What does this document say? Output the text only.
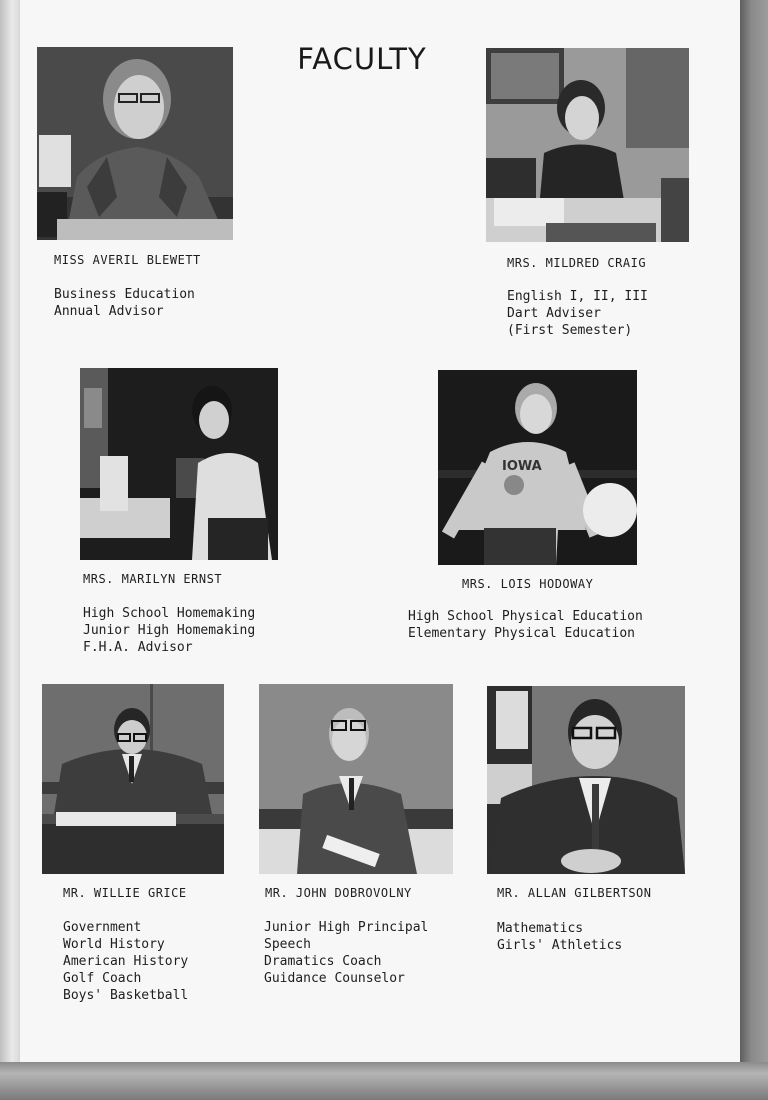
FACULTY
MISS AVERIL BLEWETT
Business Education
Annual Advisor
MRS. MILDRED CRAIG
English I, II, III
Dart Adviser
(First Semester)
MRS. MARILYN ERNST
High School Homemaking
Junior High Homemaking
F.H.A. Advisor
IOWA
MRS. LOIS HODOWAY
High School Physical Education
Elementary Physical Education
MR. WILLIE GRICE
Government
World History
American History
Golf Coach
Boys' Basketball
MR. JOHN DOBROVOLNY
Junior High Principal
Speech
Dramatics Coach
Guidance Counselor
MR. ALLAN GILBERTSON
Mathematics
Girls' Athletics
